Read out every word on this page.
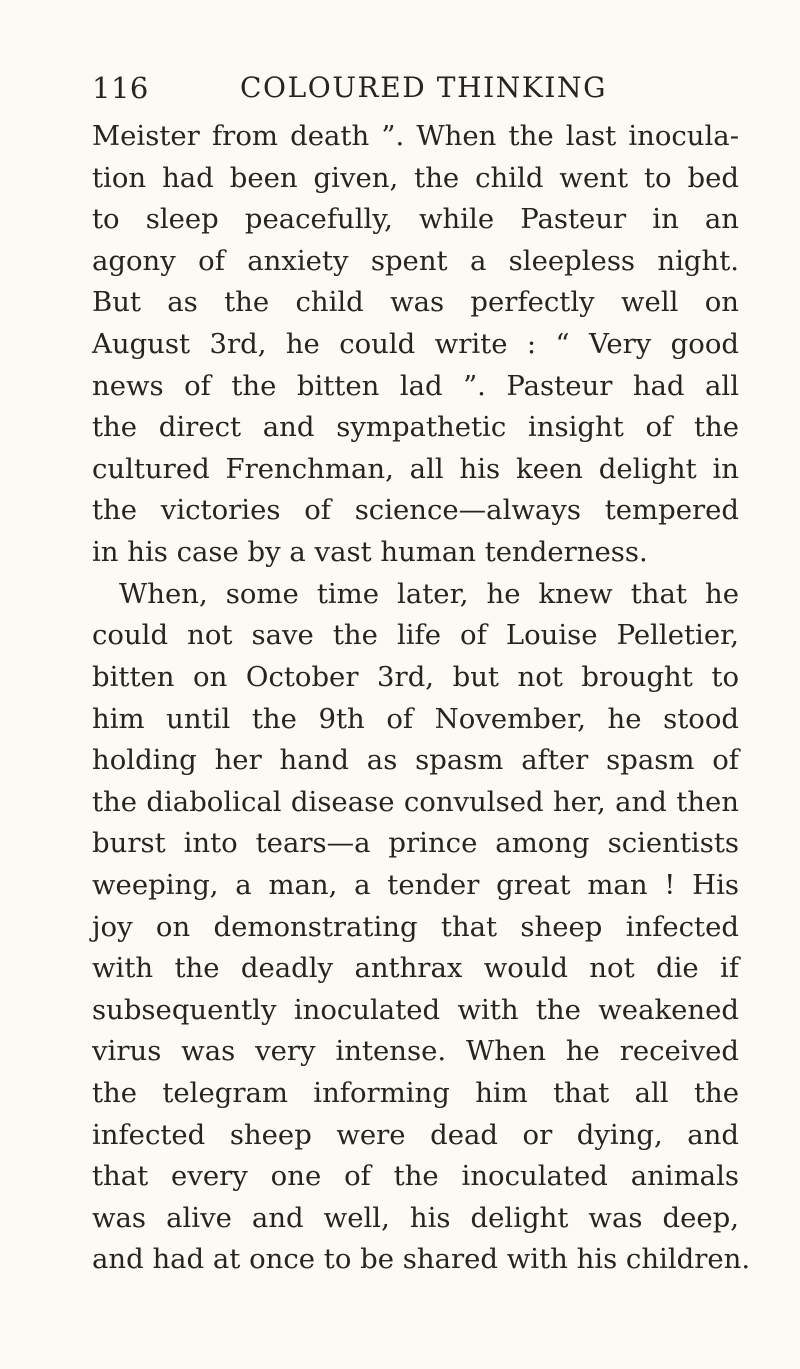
116	COLOURED THINKING
Meister from death ”. When the last inocula-
tion had been given, the child went to bed
to sleep peacefully, while Pasteur in an
agony of anxiety spent a sleepless night.
But as the child was perfectly well on
August 3rd, he could write : “ Very good
news of the bitten lad ”. Pasteur had all
the direct and sympathetic insight of the
cultured Frenchman, all his keen delight in
the victories of science—always tempered
in his case by a vast human tenderness.
When, some time later, he knew that he
could not save the life of Louise Pelletier,
bitten on October 3rd, but not brought to
him until the 9th of November, he stood
holding her hand as spasm after spasm of
the diabolical disease convulsed her, and then
burst into tears—a prince among scientists
weeping, a man, a tender great man ! His
joy on demonstrating that sheep infected
with the deadly anthrax would not die if
subsequently inoculated with the weakened
virus was very intense. When he received
the telegram informing him that all the
infected sheep were dead or dying, and
that every one of the inoculated animals
was alive and well, his delight was deep,
and had at once to be shared with his children.
